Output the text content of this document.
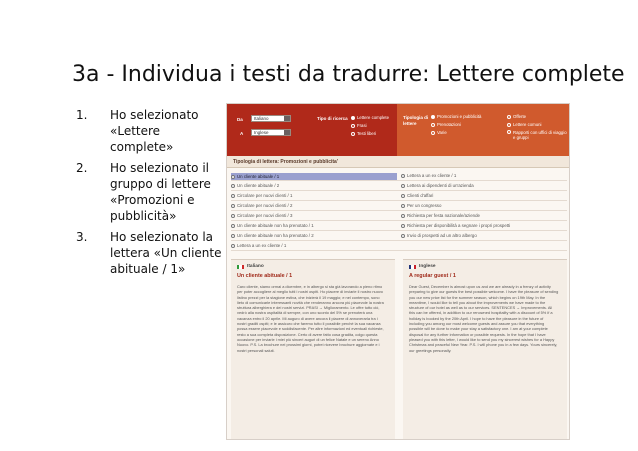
3a - Individua i testi da tradurre: Lettere complete
1.	Ho selezionato «Lettere complete»
2.	Ho selezionato il gruppo di lettere «Promozioni e pubblicità»
3.	Ho selezionato la lettera «Un cliente abituale / 1»
Da	Italiano
A	Inglese
Tipo di ricerca Lettere complete
Frasi
Testi liberi
Tipologia di lettere
Promozioni e pubblicità
Prenotazioni
Varie
Offerte
Lettere comuni
Rapporti con uffici di viaggio e gruppi
Tipologia di lettera: Promozioni e pubblicita'
Un cliente abituale / 1	Lettera a un ex cliente / 1
Un cliente abituale / 2	Lettera ai dipendenti di un'azienda
Circolare per nuovi clienti / 1	Clienti d'affari
Circolare per nuovi clienti / 2	Per un congresso
Circolare per nuovi clienti / 3	Richiesta per festa nazionale/aziende
Un cliente abituale non ha prenotato / 1	Richiesta per disponibilità a segnare i propri prospetti
Un cliente abituale non ha prenotato / 2	Invio di prospetti ad un altro albergo
Lettera a un ex cliente / 1
Italiano
Un cliente abituale / 1
Caro cliente, siamo ormai a dicembre, e in albergo si sta già lavorando a pieno ritmo per poter accogliere al meglio tutti i nostri ospiti. Ho piacere di inviarle il nostro nuovo listino prezzi per la stagione estiva, che inizierà il 19 maggio; e nel contempo, sono lieto di comunicarle interessanti novità che renderanno ancora più piacevole la nostra struttura alberghiera e dei nostri servizi. PRASI → Miglioramento. Le offre tutto ciò, vedrò alla nostra ospitalità di sempre, con uno sconto del 5% se prenoterà una vacanza entro il 20 aprile. Mi auguro di avere ancora il piacere di annoverarla tra i nostri graditi ospiti; e le assicuro che faremo tutto il possibile perché la sua vacanza possa essere piacevole e soddisfacente. Per altre informazioni ed eventuali richieste, resto a sua completa disposizione. Certo di avere fatto cosa gradita, colgo questa occasione per inviarle i miei più sinceri auguri di un felice Natale e un sereno Anno Nuovo. P.S. La brochure nei prossimi giorni, potrei ricevere brochure aggiornate e i nostri personali saluti.
Inglese
A regular guest / 1
Dear Guest, December is almost upon us and we are already in a frenzy of activity preparing to give our guests the best possible welcome. I have the pleasure of sending you our new price list for the summer season, which begins on 19th May. In the meantime, I would like to tell you about the improvements we have made to the structure of our hotel as well as to our services. SENTENCES → Improvements. All this can be offered, in addition to our renowned hospitality with a discount of 5% if a holiday is booked by the 20th April. I hope to have the pleasure in the future of including you among our most welcome guests and assure you that everything possible will be done to make your stay a satisfactory one. I am at your complete disposal for any further information or possible requests. In the hope that I have pleased you with this letter, I would like to send you my sincerest wishes for a Happy Christmas and peaceful New Year. P.S. I will phone you in a few days. Yours sincerely, our greetings personally.
